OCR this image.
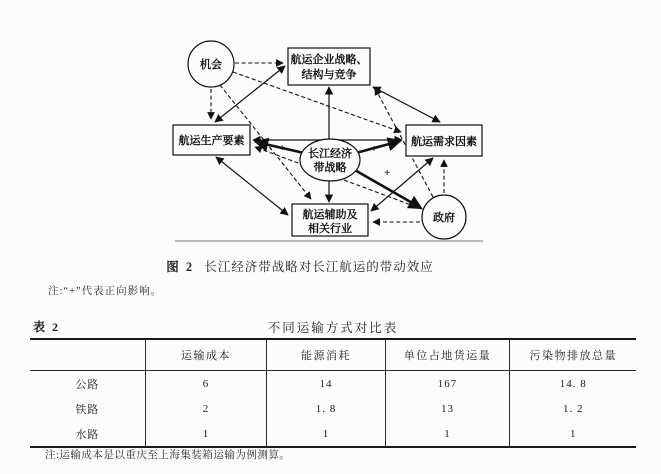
+	+
+
机会	航运企业战略、
结构与竞争
航运生产要素	航运需求因素
航运辅助及
相关行业
长江经济
带战略
政府
图 2 长江经济带战略对长江航运的带动效应
注:“+”代表正向影响。
表 2	不同运输方式对比表
	运输成本	能源消耗	单位占地货运量	污染物排放总量
公路	6	14	167	14. 8
铁路	2	1. 8	13	1. 2
水路	1	1	1	1
注:运输成本是以重庆至上海集装箱运输为例测算。
